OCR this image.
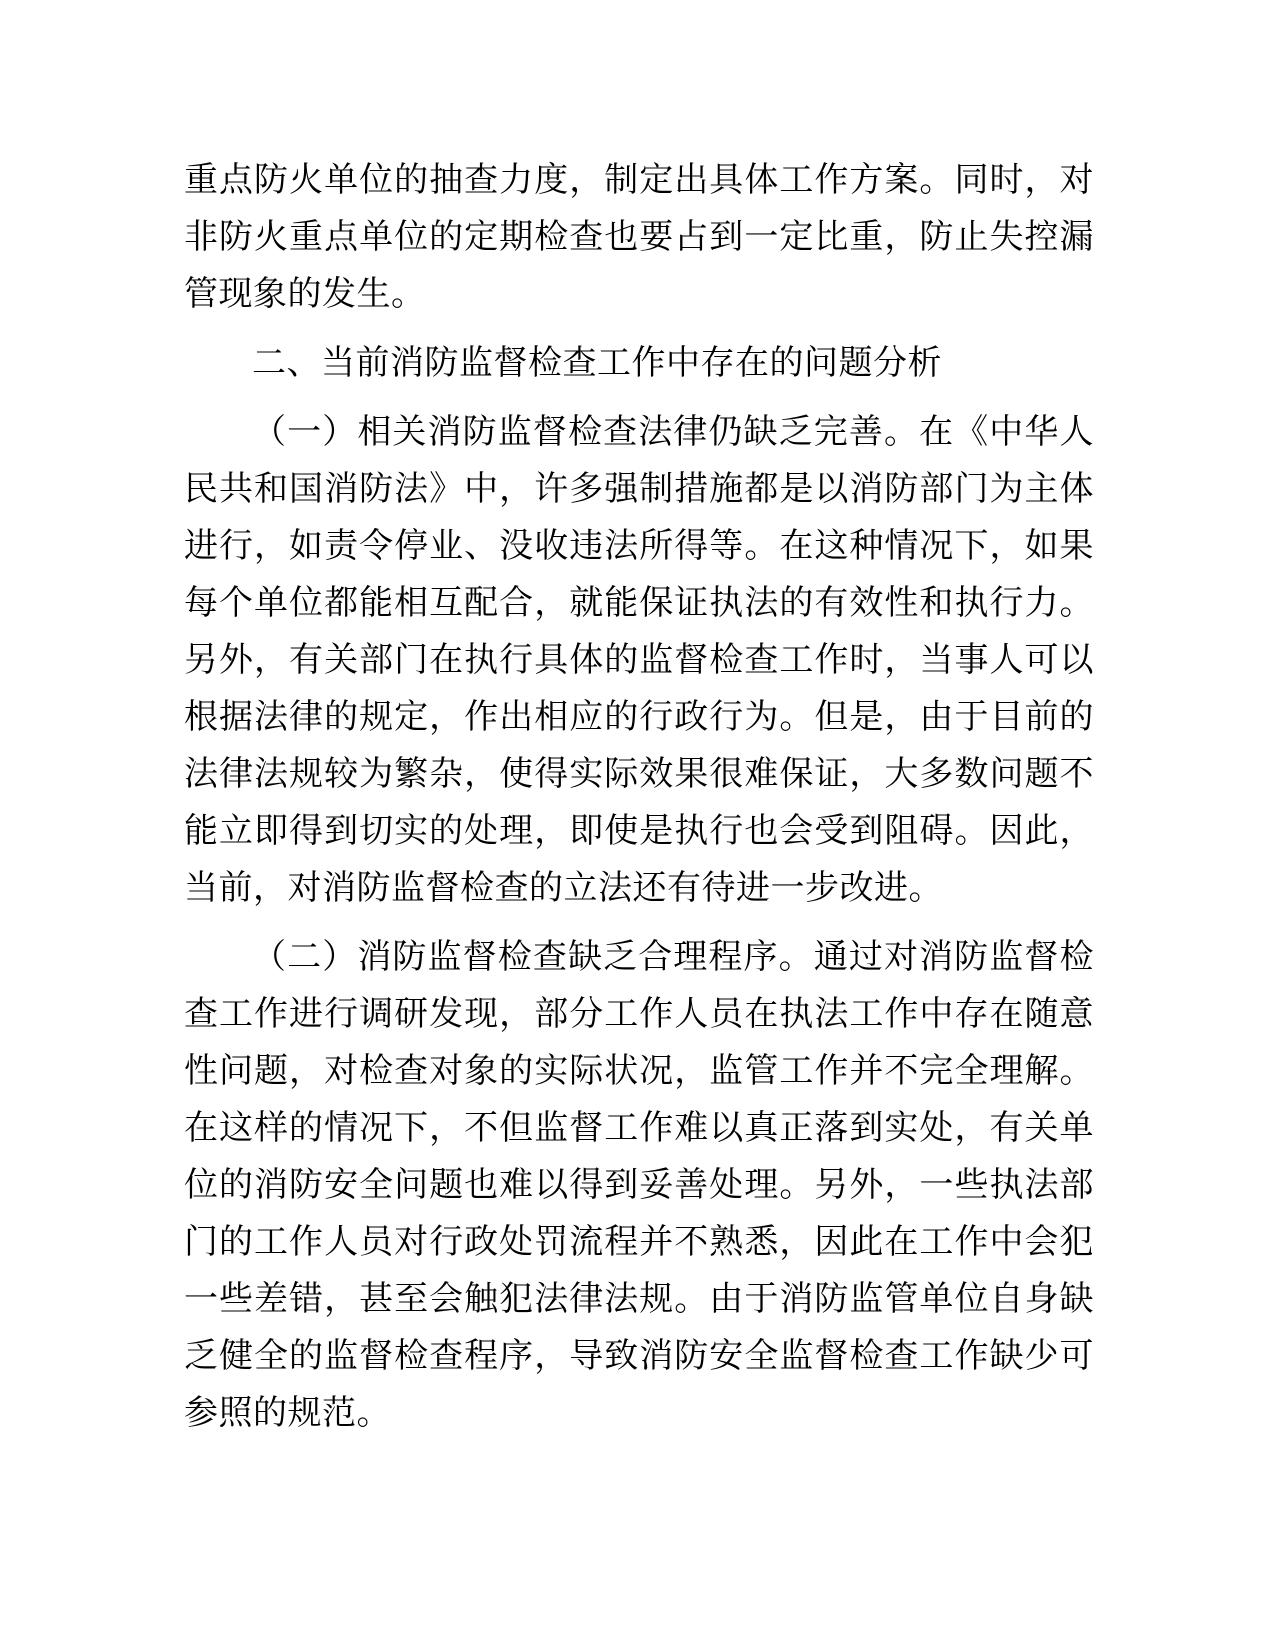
重点防火单位的抽查力度，制定出具体工作方案。同时，对非防火重点单位的定期检查也要占到一定比重，防止失控漏管现象的发生。

二、当前消防监督检查工作中存在的问题分析

（一）相关消防监督检查法律仍缺乏完善。在《中华人民共和国消防法》中，许多强制措施都是以消防部门为主体进行，如责令停业、没收违法所得等。在这种情况下，如果每个单位都能相互配合，就能保证执法的有效性和执行力。另外，有关部门在执行具体的监督检查工作时，当事人可以根据法律的规定，作出相应的行政行为。但是，由于目前的法律法规较为繁杂，使得实际效果很难保证，大多数问题不能立即得到切实的处理，即使是执行也会受到阻碍。因此，当前，对消防监督检查的立法还有待进一步改进。

（二）消防监督检查缺乏合理程序。通过对消防监督检查工作进行调研发现，部分工作人员在执法工作中存在随意性问题，对检查对象的实际状况，监管工作并不完全理解。在这样的情况下，不但监督工作难以真正落到实处，有关单位的消防安全问题也难以得到妥善处理。另外，一些执法部门的工作人员对行政处罚流程并不熟悉，因此在工作中会犯一些差错，甚至会触犯法律法规。由于消防监管单位自身缺乏健全的监督检查程序，导致消防安全监督检查工作缺少可参照的规范。
